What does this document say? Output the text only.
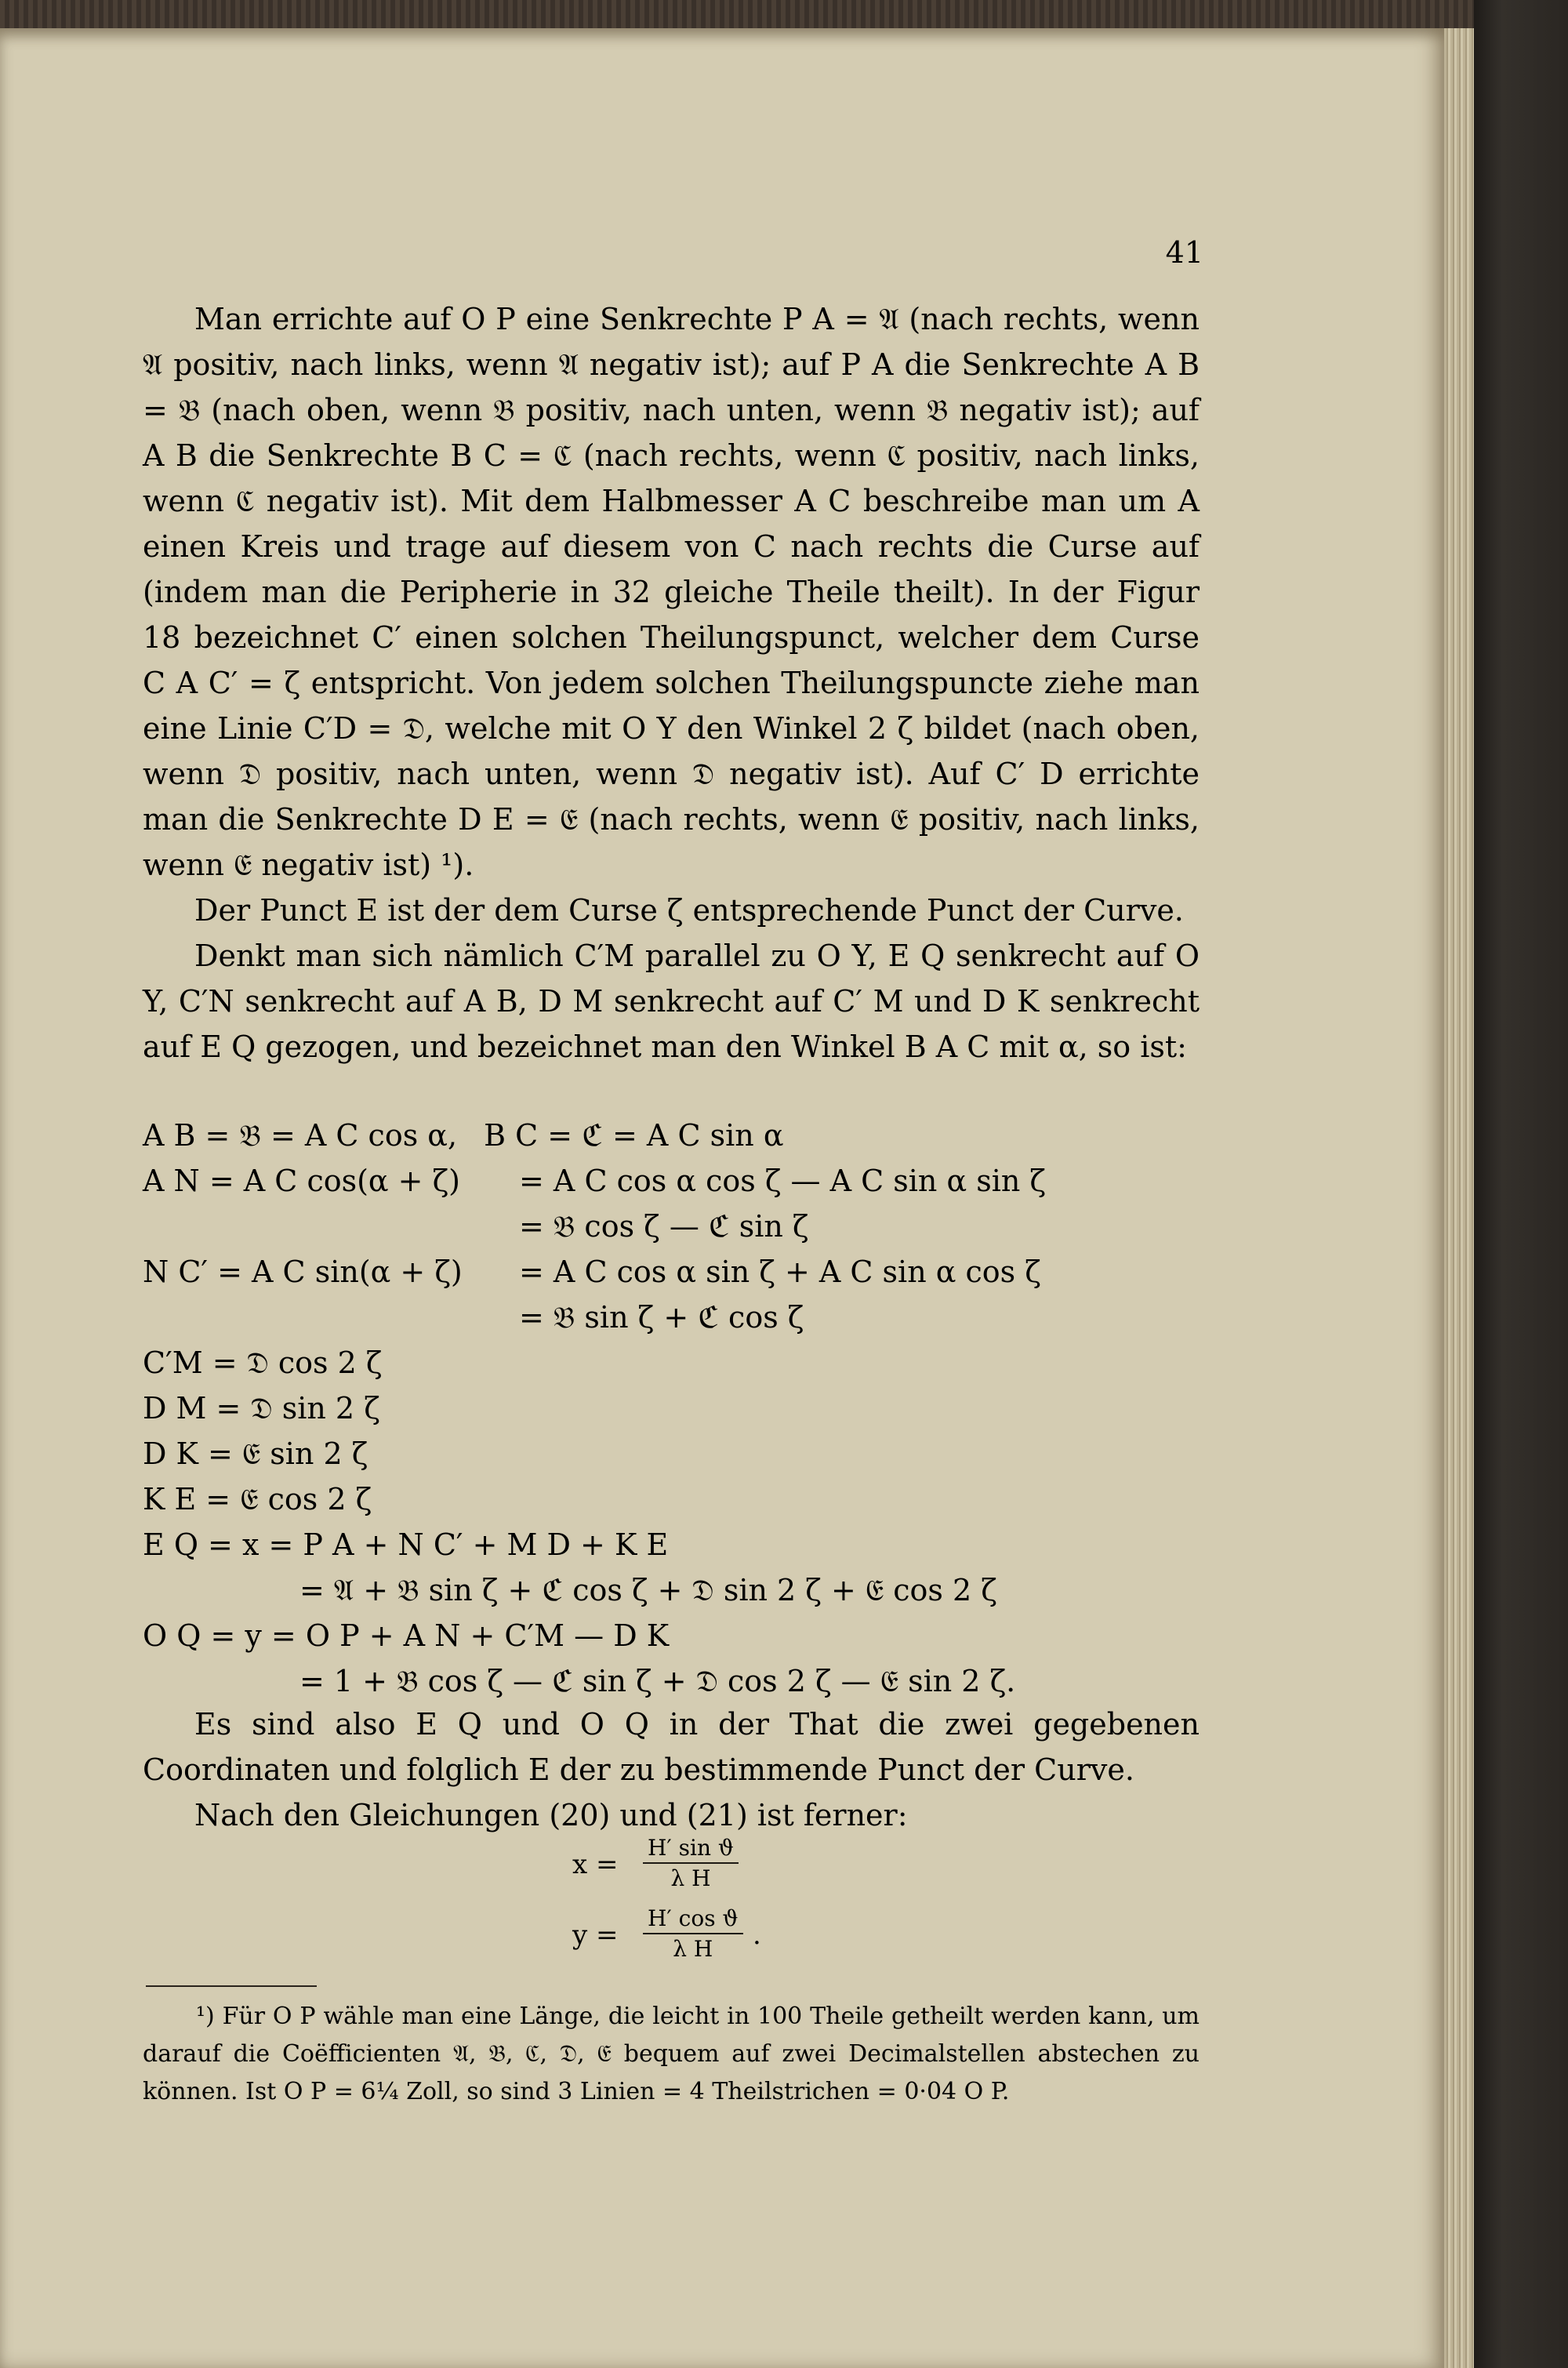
41

Man errichte auf O P eine Senkrechte P A = 𝔄 (nach rechts, wenn 𝔄 positiv, nach links, wenn 𝔄 negativ ist); auf P A die Senkrechte A B = 𝔅 (nach oben, wenn 𝔅 positiv, nach unten, wenn 𝔅 negativ ist); auf A B die Senkrechte B C = ℭ (nach rechts, wenn ℭ positiv, nach links, wenn ℭ negativ ist). Mit dem Halbmesser A C beschreibe man um A einen Kreis und trage auf diesem von C nach rechts die Curse auf (indem man die Peripherie in 32 gleiche Theile theilt). In der Figur 18 bezeichnet C′ einen solchen Theilungspunct, welcher dem Curse C A C′ = ζ entspricht. Von jedem solchen Theilungspuncte ziehe man eine Linie C′D = 𝔇, welche mit O Y den Winkel 2 ζ bildet (nach oben, wenn 𝔇 positiv, nach unten, wenn 𝔇 negativ ist). Auf C′ D errichte man die Senkrechte D E = 𝔈 (nach rechts, wenn 𝔈 positiv, nach links, wenn 𝔈 negativ ist) ¹).

Der Punct E ist der dem Curse ζ entsprechende Punct der Curve.

Denkt man sich nämlich C′M parallel zu O Y, E Q senkrecht auf O Y, C′N senkrecht auf A B, D M senkrecht auf C′ M und D K senkrecht auf E Q gezogen, und bezeichnet man den Winkel B A C mit α, so ist:

A B = 𝔅 = A C cos α, B C = ℭ = A C sin α
A N = A C cos(α + ζ) = A C cos α cos ζ — A C sin α sin ζ
= 𝔅 cos ζ — ℭ sin ζ
N C′ = A C sin(α + ζ) = A C cos α sin ζ + A C sin α cos ζ
= 𝔅 sin ζ + ℭ cos ζ
C′M = 𝔇 cos 2 ζ
D M = 𝔇 sin 2 ζ
D K = 𝔈 sin 2 ζ
K E = 𝔈 cos 2 ζ
E Q = x = P A + N C′ + M D + K E
= 𝔄 + 𝔅 sin ζ + ℭ cos ζ + 𝔇 sin 2 ζ + 𝔈 cos 2 ζ
O Q = y = O P + A N + C′M — D K
= 1 + 𝔅 cos ζ — ℭ sin ζ + 𝔇 cos 2 ζ — 𝔈 sin 2 ζ.

Es sind also E Q und O Q in der That die zwei gegebenen Coordinaten und folglich E der zu bestimmende Punct der Curve.

Nach den Gleichungen (20) und (21) ist ferner:

x =
H′ sin ϑ
λ H
y =
H′ cos ϑ
λ H	.

¹) Für O P wähle man eine Länge, die leicht in 100 Theile getheilt werden kann, um darauf die Coëfficienten 𝔄, 𝔅, ℭ, 𝔇, 𝔈 bequem auf zwei Decimalstellen abstechen zu können. Ist O P = 6¼ Zoll, so sind 3 Linien = 4 Theilstrichen = 0·04 O P.
